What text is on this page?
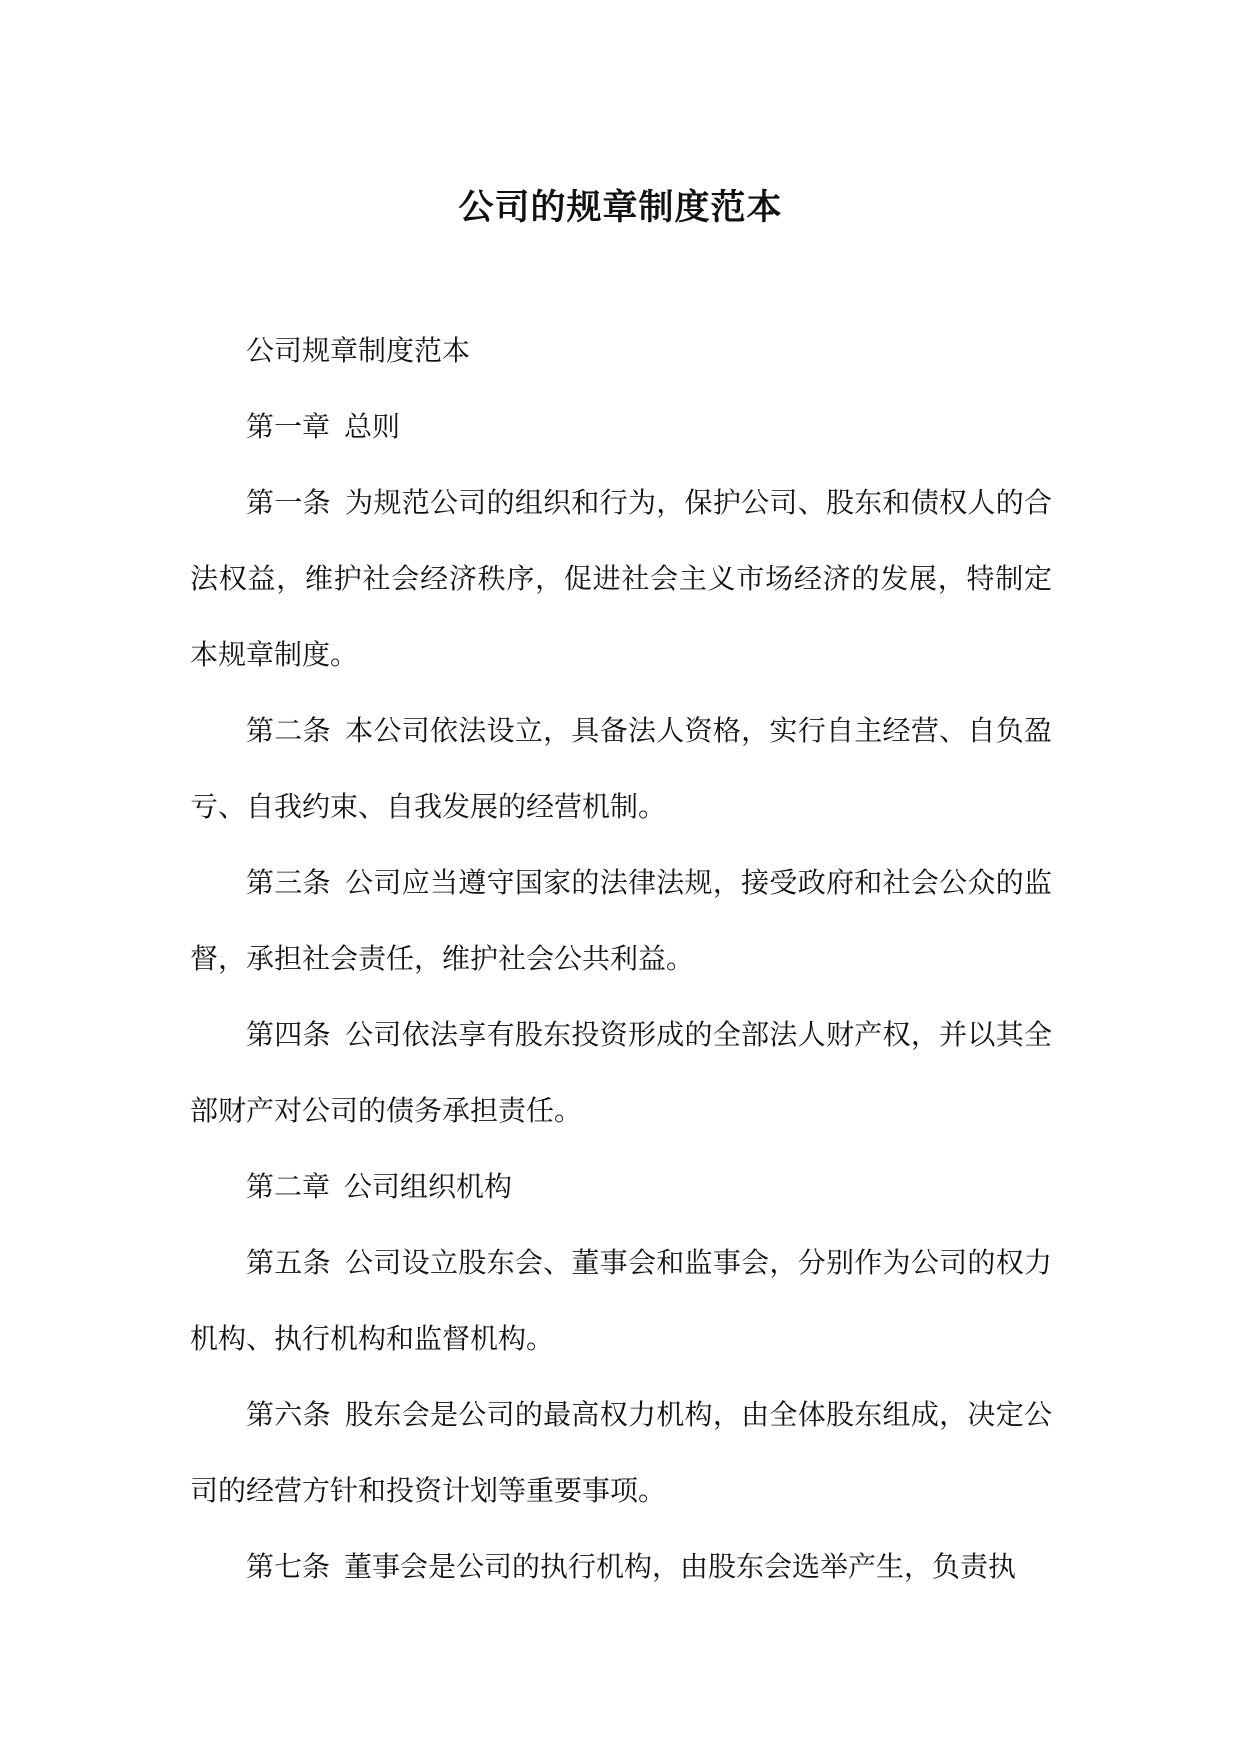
公司的规章制度范本

公司规章制度范本

第一章 总则

第一条 为规范公司的组织和行为，保护公司、股东和债权人的合法权益，维护社会经济秩序，促进社会主义市场经济的发展，特制定本规章制度。

第二条 本公司依法设立，具备法人资格，实行自主经营、自负盈亏、自我约束、自我发展的经营机制。

第三条 公司应当遵守国家的法律法规，接受政府和社会公众的监督，承担社会责任，维护社会公共利益。

第四条 公司依法享有股东投资形成的全部法人财产权，并以其全部财产对公司的债务承担责任。

第二章 公司组织机构

第五条 公司设立股东会、董事会和监事会，分别作为公司的权力机构、执行机构和监督机构。

第六条 股东会是公司的最高权力机构，由全体股东组成，决定公司的经营方针和投资计划等重要事项。

第七条 董事会是公司的执行机构，由股东会选举产生，负责执
